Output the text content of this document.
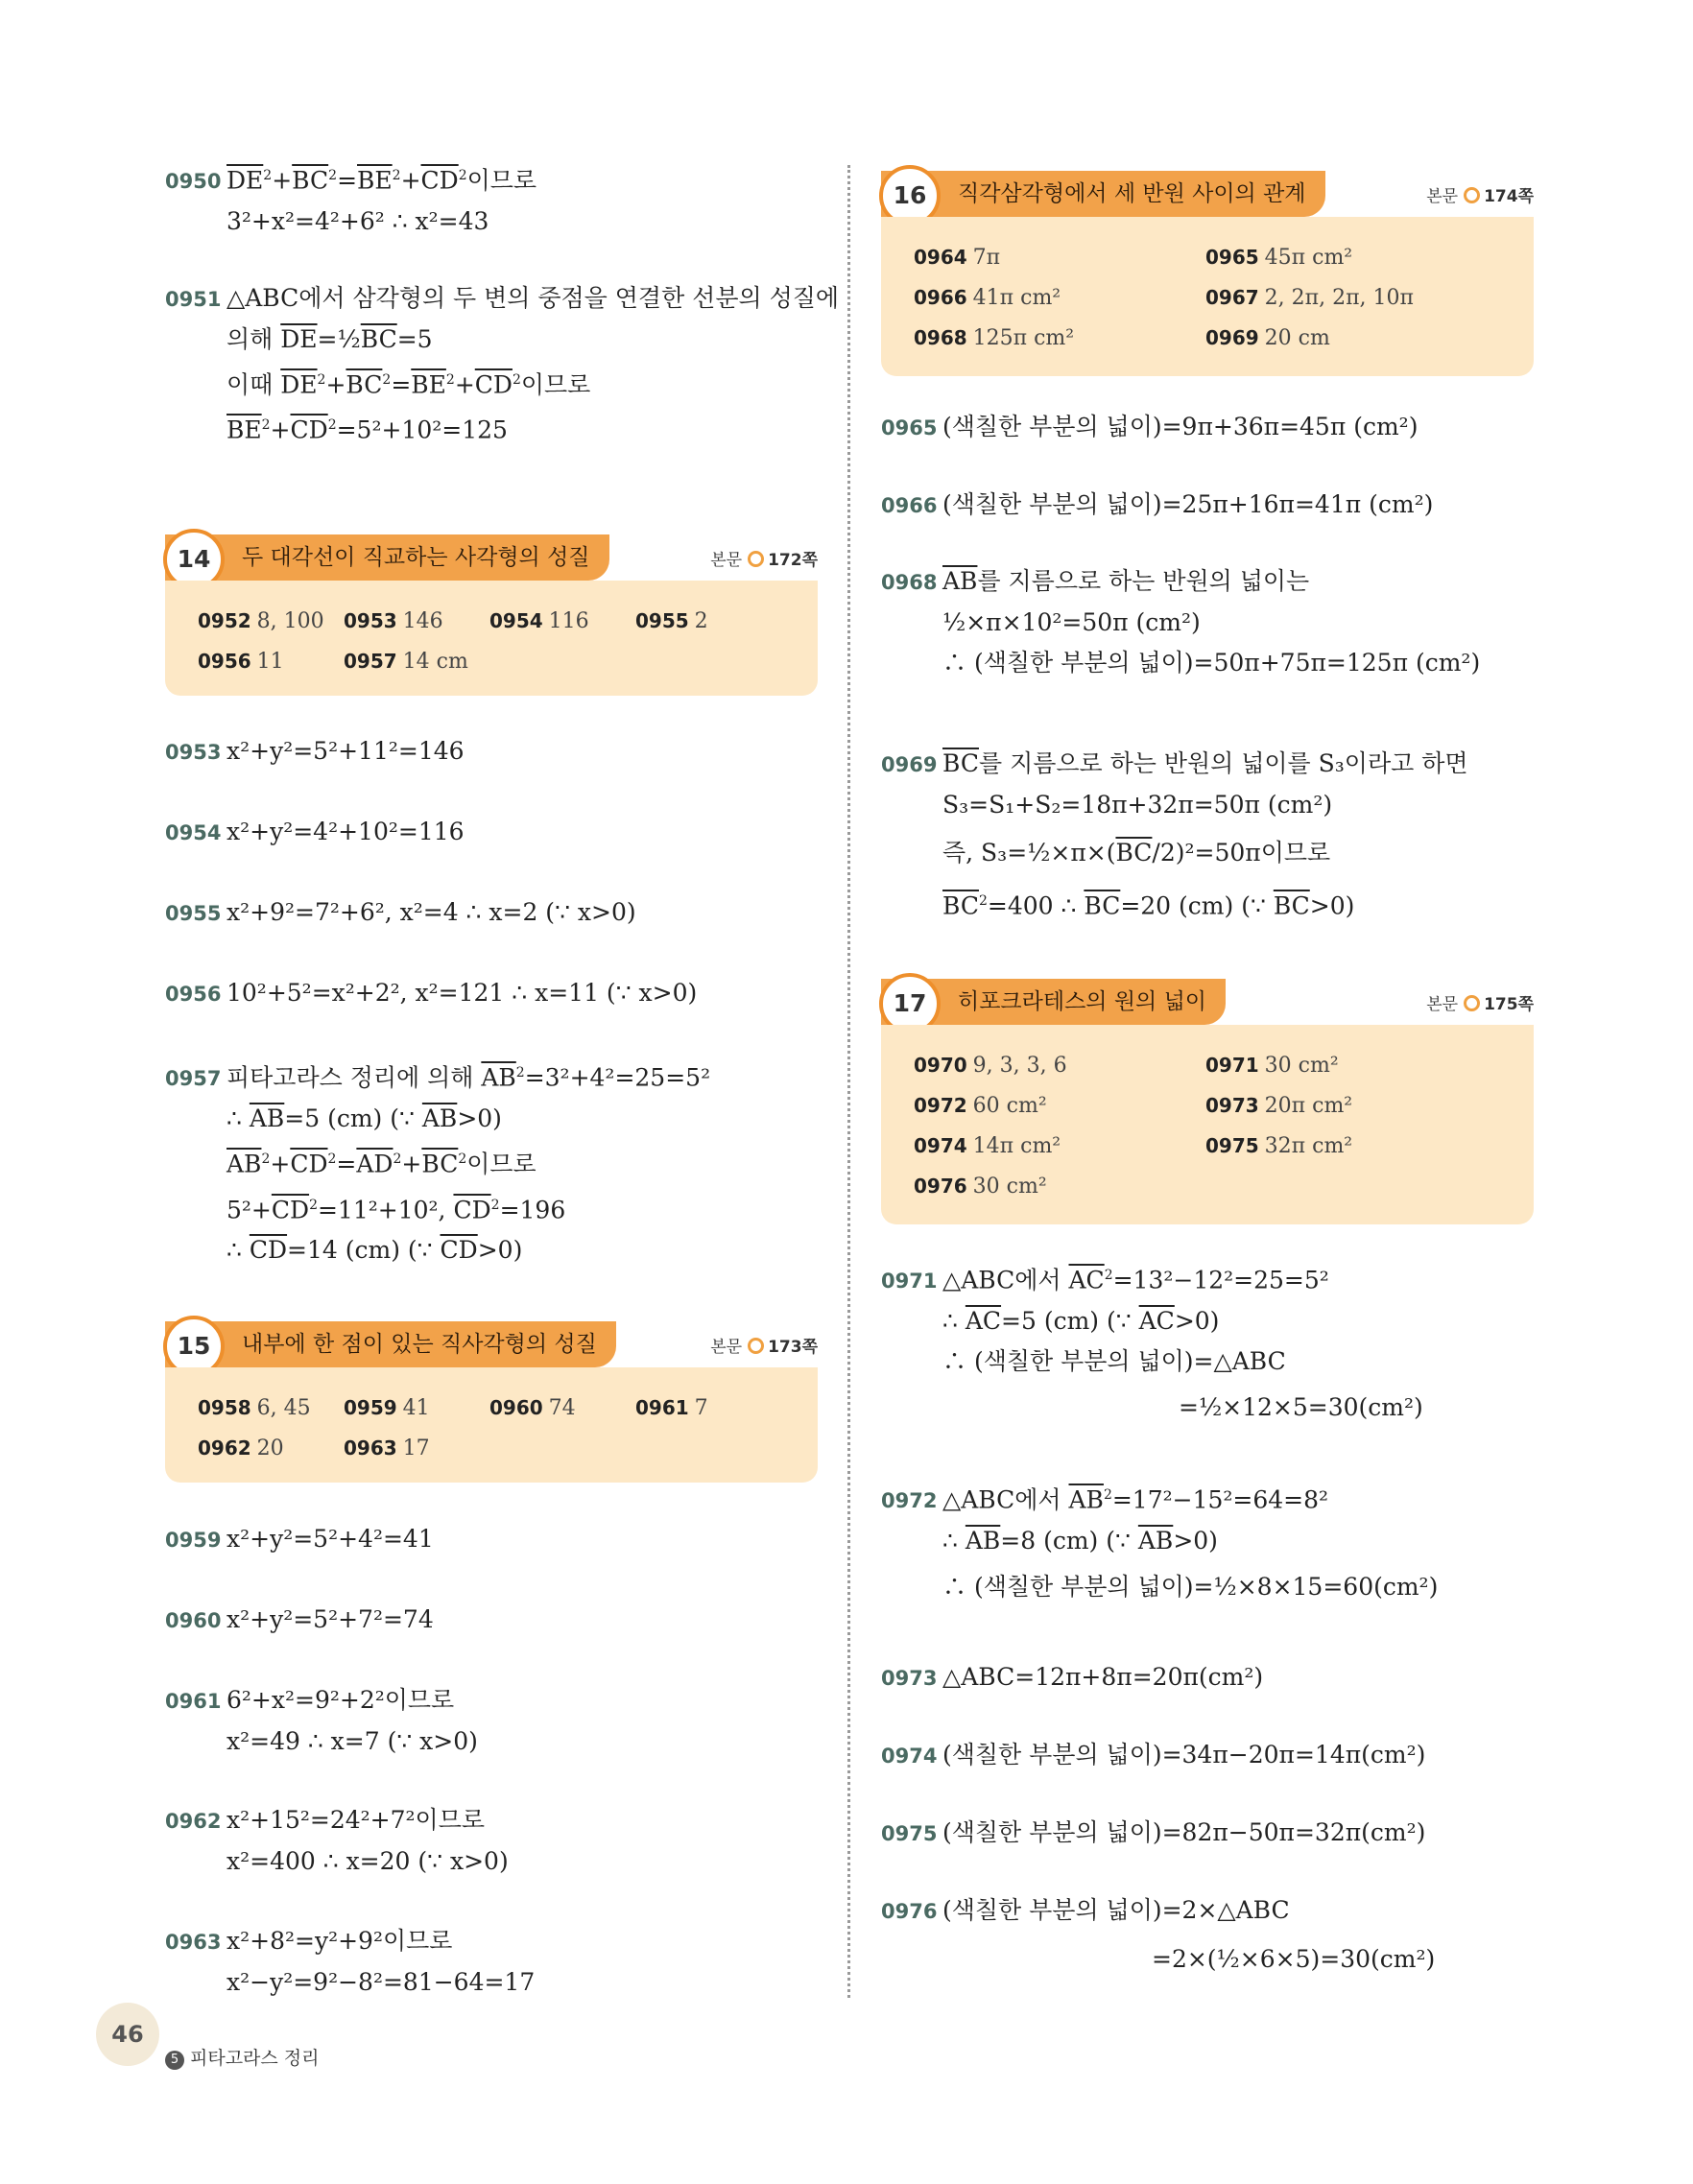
0950 $\overline{DE}^2+\overline{BC}^2=\overline{BE}^2+\overline{CD}^2$이므로
3²+x²=4²+6² ∴ x²=43
0951 △ABC에서 삼각형의 두 변의 중점을 연결한 선분의 성질에
의해 $\overline{DE}=\frac{1}{2}\overline{BC}=5$
이때 $\overline{DE}^2+\overline{BC}^2=\overline{BE}^2+\overline{CD}^2$이므로
$\overline{BE}^2+\overline{CD}^2=5^2+10^2=125$
두 대각선이 직교하는 사각형의 성질
14	본문 172쪽
0952 8, 100 0953 146 0954 116 0955 2
0956 11	0957 14 cm
0953 x²+y²=5²+11²=146
0954 x²+y²=4²+10²=116
0955 x²+9²=7²+6², x²=4 ∴ x=2 (∵ x>0)
0956 10²+5²=x²+2², x²=121 ∴ x=11 (∵ x>0)
0957 피타고라스 정리에 의해 $\overline{AB}^2=3^2+4^2=25=5^2$
∴ $\overline{AB}=5$ (cm) (∵ $\overline{AB}>0$)
$\overline{AB}^2+\overline{CD}^2=\overline{AD}^2+\overline{BC}^2$이므로
$5^2+\overline{CD}^2=11^2+10^2$, $\overline{CD}^2=196$
∴ $\overline{CD}=14$ (cm) (∵ $\overline{CD}>0$)
내부에 한 점이 있는 직사각형의 성질
15	본문 173쪽
0958 6, 45 0959 41	0960 74	0961 7
0962 20	0963 17
0959 x²+y²=5²+4²=41
0960 x²+y²=5²+7²=74
0961 6²+x²=9²+2²이므로
x²=49 ∴ x=7 (∵ x>0)
0962 x²+15²=24²+7²이므로
x²=400 ∴ x=20 (∵ x>0)
0963 x²+8²=y²+9²이므로
x²−y²=9²−8²=81−64=17
직각삼각형에서 세 반원 사이의 관계
16	본문 174쪽
0964 7π	0965 45π cm²
0966 41π cm²	0967 2, 2π, 2π, 10π
0968 125π cm²	0969 20 cm
0965 (색칠한 부분의 넓이)=9π+36π=45π (cm²)
0966 (색칠한 부분의 넓이)=25π+16π=41π (cm²)
0968 $\overline{AB}$를 지름으로 하는 반원의 넓이는
½×π×10²=50π (cm²)
∴ (색칠한 부분의 넓이)=50π+75π=125π (cm²)
0969 $\overline{BC}$를 지름으로 하는 반원의 넓이를 S₃이라고 하면
S₃=S₁+S₂=18π+32π=50π (cm²)
즉, $S_3=\frac{1}{2}\times\pi\times(\overline{BC}/2)^2=50\pi$이므로
$\overline{BC}^2=400$ ∴ $\overline{BC}=20$ (cm) (∵ $\overline{BC}>0$)
히포크라테스의 원의 넓이
17	본문 175쪽
0970 9, 3, 3, 6	0971 30 cm²
0972 60 cm²	0973 20π cm²
0974 14π cm²	0975 32π cm²
0976 30 cm²
0971 △ABC에서 $\overline{AC}^2=13^2-12^2=25=5^2$
∴ $\overline{AC}=5$ (cm) (∵ $\overline{AC}>0$)
∴ (색칠한 부분의 넓이)=△ABC
=½×12×5=30(cm²)
0972 △ABC에서 $\overline{AB}^2=17^2-15^2=64=8^2$
∴ $\overline{AB}=8$ (cm) (∵ $\overline{AB}>0$)
∴ (색칠한 부분의 넓이)=½×8×15=60(cm²)
0973 △ABC=12π+8π=20π(cm²)
0974 (색칠한 부분의 넓이)=34π−20π=14π(cm²)
0975 (색칠한 부분의 넓이)=82π−50π=32π(cm²)
0976 (색칠한 부분의 넓이)=2×△ABC
=2×(½×6×5)=30(cm²)
46
5 피타고라스 정리
